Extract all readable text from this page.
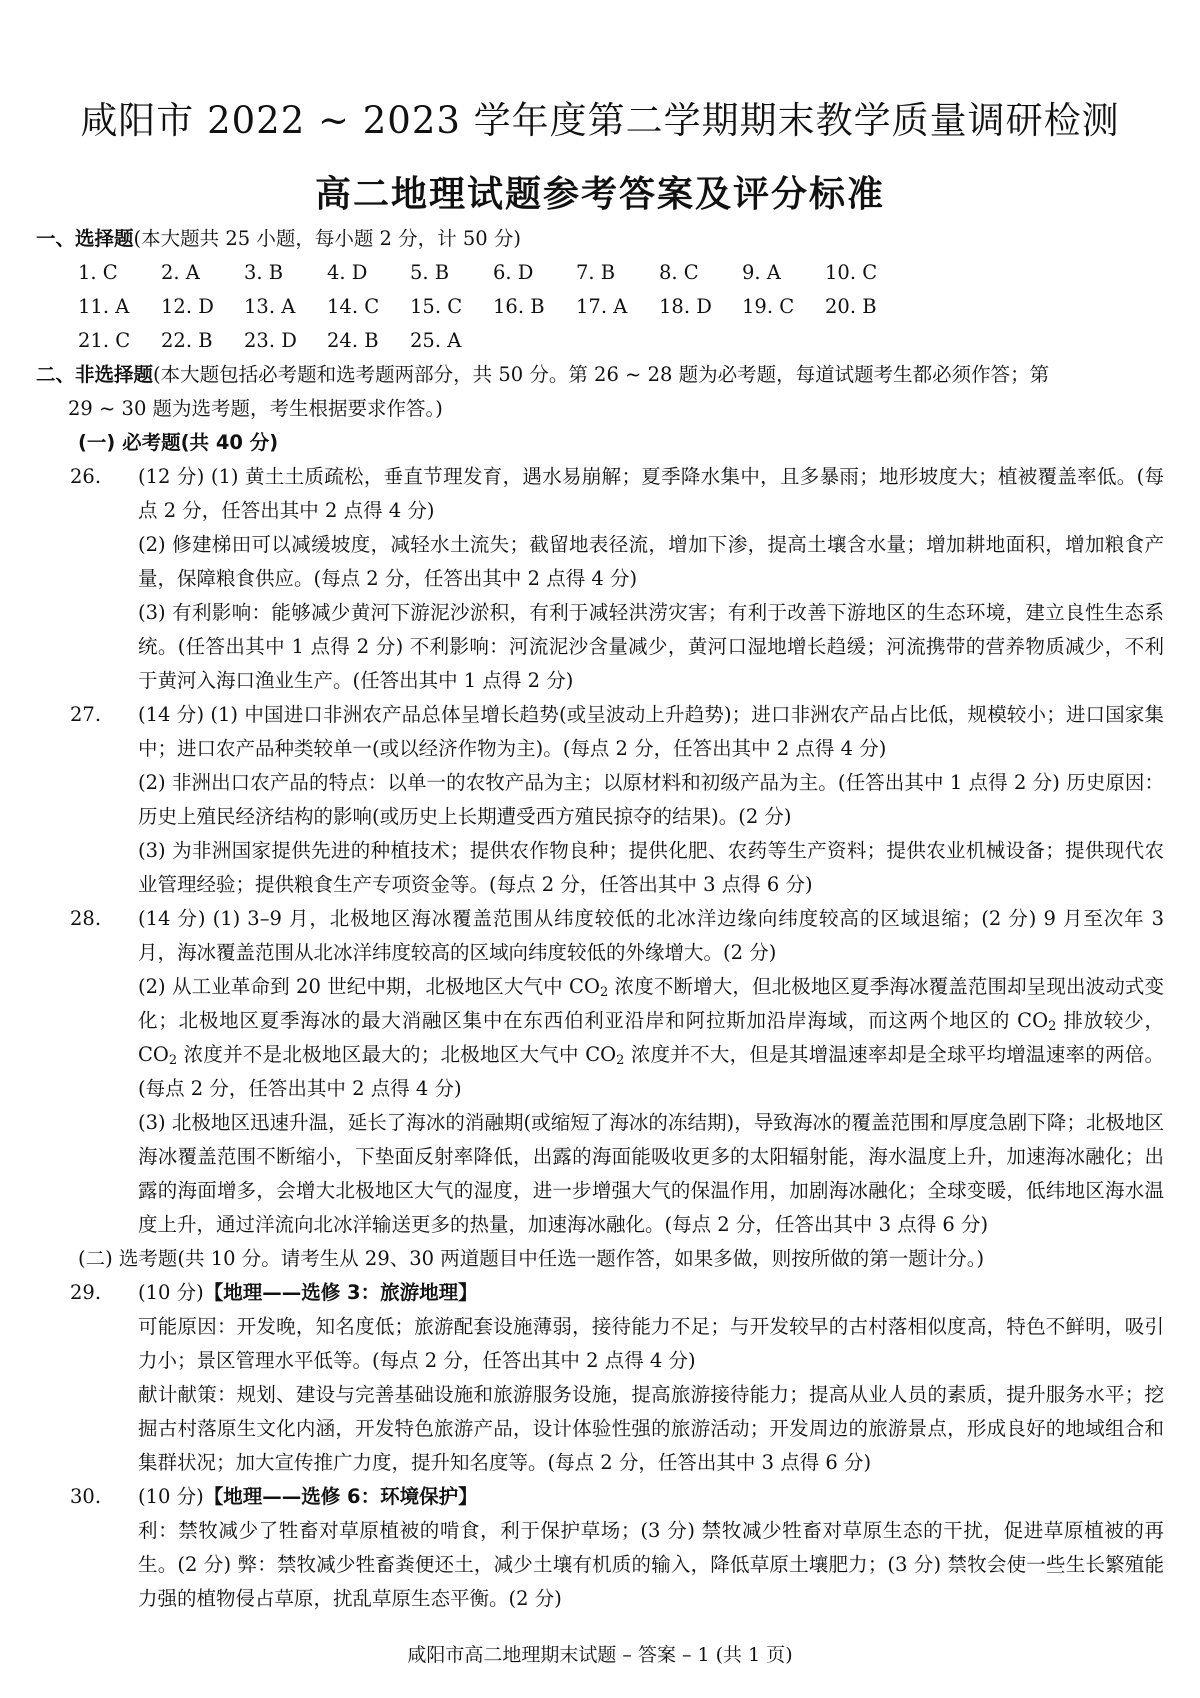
咸阳市 2022 ~ 2023 学年度第二学期期末教学质量调研检测
高二地理试题参考答案及评分标准
一、选择题(本大题共 25 小题，每小题 2 分，计 50 分)
1. C	2. A	3. B	4. D	5. B	6. D	7. B	8. C	9. A	10. C
11. A	12. D	13. A	14. C	15. C	16. B	17. A	18. D	19. C	20. B
21. C	22. B	23. D	24. B	25. A
二、非选择题(本大题包括必考题和选考题两部分，共 50 分。第 26 ~ 28 题为必考题，每道试题考生都必须作答；第
29 ~ 30 题为选考题，考生根据要求作答。)
(一) 必考题(共 40 分)
26. (12 分) (1) 黄土土质疏松，垂直节理发育，遇水易崩解；夏季降水集中，且多暴雨；地形坡度大；植被覆盖率低。(每点 2 分，任答出其中 2 点得 4 分)
(2) 修建梯田可以减缓坡度，减轻水土流失；截留地表径流，增加下渗，提高土壤含水量；增加耕地面积，增加粮食产量，保障粮食供应。(每点 2 分，任答出其中 2 点得 4 分)
(3) 有利影响：能够减少黄河下游泥沙淤积，有利于减轻洪涝灾害；有利于改善下游地区的生态环境，建立良性生态系统。(任答出其中 1 点得 2 分) 不利影响：河流泥沙含量减少，黄河口湿地增长趋缓；河流携带的营养物质减少，不利于黄河入海口渔业生产。(任答出其中 1 点得 2 分)
27. (14 分) (1) 中国进口非洲农产品总体呈增长趋势(或呈波动上升趋势)；进口非洲农产品占比低，规模较小；进口国家集中；进口农产品种类较单一(或以经济作物为主)。(每点 2 分，任答出其中 2 点得 4 分)
(2) 非洲出口农产品的特点：以单一的农牧产品为主；以原材料和初级产品为主。(任答出其中 1 点得 2 分) 历史原因：历史上殖民经济结构的影响(或历史上长期遭受西方殖民掠夺的结果)。(2 分)
(3) 为非洲国家提供先进的种植技术；提供农作物良种；提供化肥、农药等生产资料；提供农业机械设备；提供现代农业管理经验；提供粮食生产专项资金等。(每点 2 分，任答出其中 3 点得 6 分)
28. (14 分) (1) 3–9 月，北极地区海冰覆盖范围从纬度较低的北冰洋边缘向纬度较高的区域退缩；(2 分) 9 月至次年 3 月，海冰覆盖范围从北冰洋纬度较高的区域向纬度较低的外缘增大。(2 分)
(2) 从工业革命到 20 世纪中期，北极地区大气中 $CO_2$ 浓度不断增大，但北极地区夏季海冰覆盖范围却呈现出波动式变化；北极地区夏季海冰的最大消融区集中在东西伯利亚沿岸和阿拉斯加沿岸海域，而这两个地区的 $CO_2$ 排放较少，$CO_2$ 浓度并不是北极地区最大的；北极地区大气中 $CO_2$ 浓度并不大，但是其增温速率却是全球平均增温速率的两倍。(每点 2 分，任答出其中 2 点得 4 分)
(3) 北极地区迅速升温，延长了海冰的消融期(或缩短了海冰的冻结期)，导致海冰的覆盖范围和厚度急剧下降；北极地区海冰覆盖范围不断缩小，下垫面反射率降低，出露的海面能吸收更多的太阳辐射能，海水温度上升，加速海冰融化；出露的海面增多，会增大北极地区大气的湿度，进一步增强大气的保温作用，加剧海冰融化；全球变暖，低纬地区海水温度上升，通过洋流向北冰洋输送更多的热量，加速海冰融化。(每点 2 分，任答出其中 3 点得 6 分)
(二) 选考题(共 10 分。请考生从 29、30 两道题目中任选一题作答，如果多做，则按所做的第一题计分。)
29. (10 分)【地理——选修 3：旅游地理】
可能原因：开发晚，知名度低；旅游配套设施薄弱，接待能力不足；与开发较早的古村落相似度高，特色不鲜明，吸引力小；景区管理水平低等。(每点 2 分，任答出其中 2 点得 4 分)
献计献策：规划、建设与完善基础设施和旅游服务设施，提高旅游接待能力；提高从业人员的素质，提升服务水平；挖掘古村落原生文化内涵，开发特色旅游产品，设计体验性强的旅游活动；开发周边的旅游景点，形成良好的地域组合和集群状况；加大宣传推广力度，提升知名度等。(每点 2 分，任答出其中 3 点得 6 分)
30. (10 分)【地理——选修 6：环境保护】
利：禁牧减少了牲畜对草原植被的啃食，利于保护草场；(3 分) 禁牧减少牲畜对草原生态的干扰，促进草原植被的再生。(2 分) 弊：禁牧减少牲畜粪便还土，减少土壤有机质的输入，降低草原土壤肥力；(3 分) 禁牧会使一些生长繁殖能力强的植物侵占草原，扰乱草原生态平衡。(2 分)
咸阳市高二地理期末试题 – 答案 – 1 (共 1 页)
